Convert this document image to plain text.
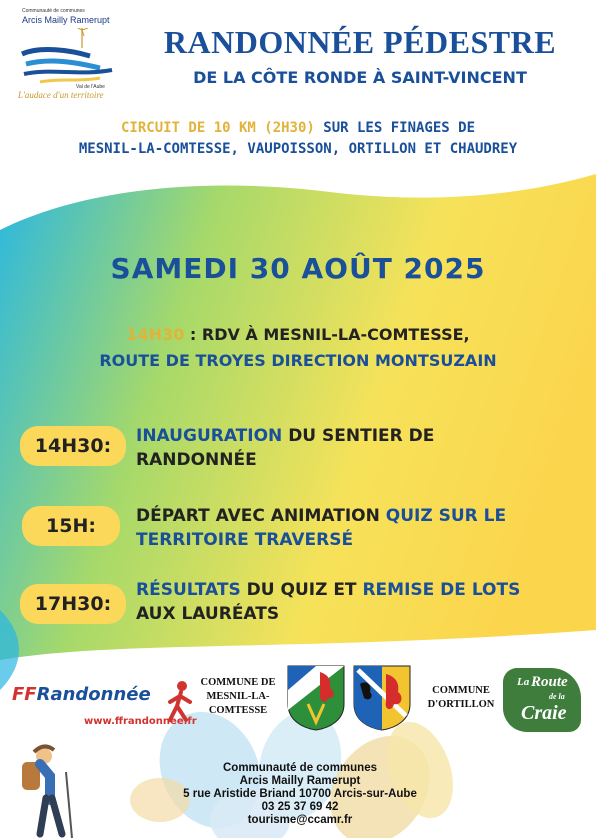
Communauté de communes
Arcis Mailly Ramerupt
Val de l'Aube
L'audace d'un territoire
RANDONNÉE PÉDESTRE
DE LA CÔTE RONDE À SAINT-VINCENT
CIRCUIT DE 10 KM (2H30) SUR LES FINAGES DE
MESNIL-LA-COMTESSE, VAUPOISSON, ORTILLON ET CHAUDREY
SAMEDI 30 AOÛT 2025
14H30 : RDV À MESNIL-LA-COMTESSE,
ROUTE DE TROYES DIRECTION MONTSUZAIN
14H30:	INAUGURATION DU SENTIER DE
RANDONNÉE
15H:	DÉPART AVEC ANIMATION QUIZ SUR LE
TERRITOIRE TRAVERSÉ
17H30:
RÉSULTATS DU QUIZ ET REMISE DE LOTS
AUX LAURÉATS
FFRandonnée
www.ffrandonnee.fr
COMMUNE DE
MESNIL-LA-
COMTESSE
COMMUNE
D'ORTILLON
La Route
de la
Craie
Communauté de communes
Arcis Mailly Ramerupt
5 rue Aristide Briand 10700 Arcis-sur-Aube
03 25 37 69 42
tourisme@ccamr.fr
